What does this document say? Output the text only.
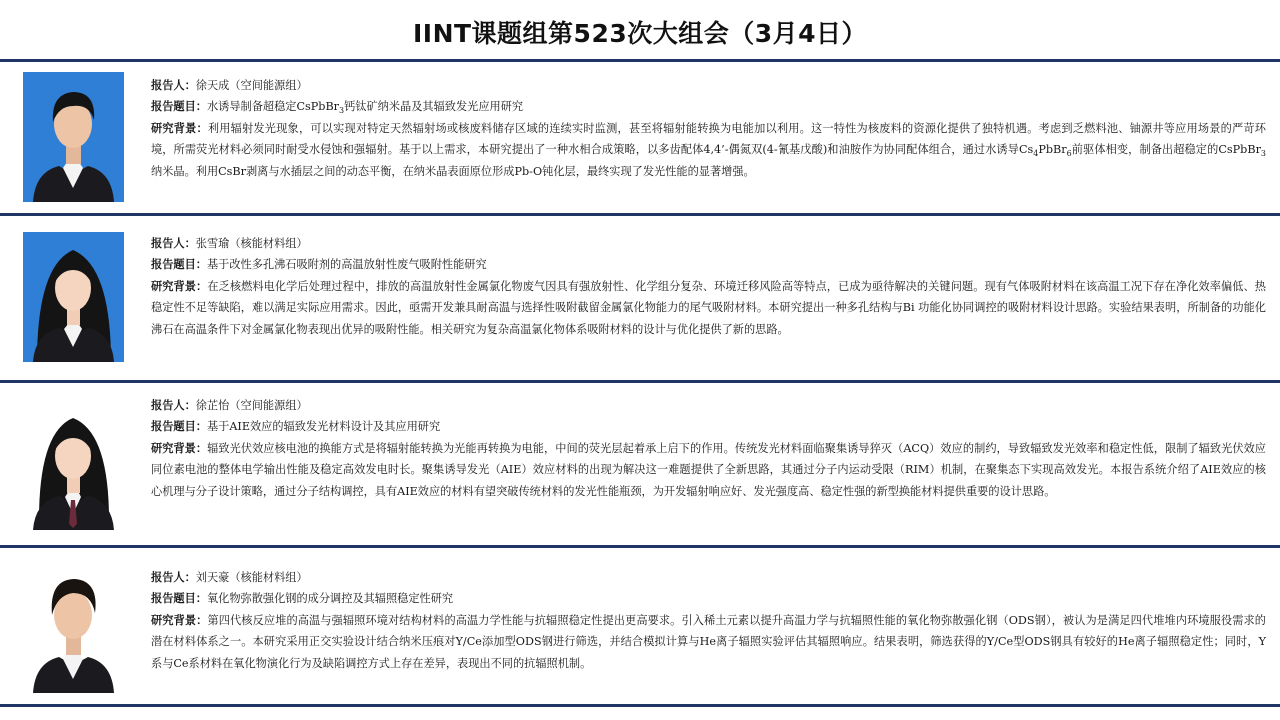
IINT课题组第523次大组会（3月4日）
报告人：徐天成（空间能源组）
报告题目：水诱导制备超稳定CsPbBr$_3$钙钛矿纳米晶及其辐致发光应用研究
研究背景：利用辐射发光现象，可以实现对特定天然辐射场或核废料储存区域的连续实时监测，甚至将辐射能转换为电能加以利用。这一特性为核废料的资源化提供了独特机遇。考虑到乏燃料池、铀源井等应用场景的严苛环境，所需荧光材料必须同时耐受水侵蚀和强辐射。基于以上需求，本研究提出了一种水相合成策略，以多齿配体4,4’-偶氮双(4-氰基戊酸)和油胺作为协同配体组合，通过水诱导$Cs_4PbBr_6$前驱体相变，制备出超稳定的CsPbBr$_3$纳米晶。利用CsBr剥离与水插层之间的动态平衡，在纳米晶表面原位形成Pb-O钝化层，最终实现了发光性能的显著增强。
报告人：张雪瑜（核能材料组）
报告题目：基于改性多孔沸石吸附剂的高温放射性废气吸附性能研究
研究背景：在乏核燃料电化学后处理过程中，排放的高温放射性金属氯化物废气因具有强放射性、化学组分复杂、环境迁移风险高等特点，已成为亟待解决的关键问题。现有气体吸附材料在该高温工况下存在净化效率偏低、热稳定性不足等缺陷，难以满足实际应用需求。因此，亟需开发兼具耐高温与选择性吸附截留金属氯化物能力的尾气吸附材料。本研究提出一种多孔结构与Bi 功能化协同调控的吸附材料设计思路。实验结果表明，所制备的功能化沸石在高温条件下对金属氯化物表现出优异的吸附性能。相关研究为复杂高温氯化物体系吸附材料的设计与优化提供了新的思路。
报告人：徐芷怡（空间能源组）
报告题目：基于AIE效应的辐致发光材料设计及其应用研究
研究背景：辐致光伏效应核电池的换能方式是将辐射能转换为光能再转换为电能，中间的荧光层起着承上启下的作用。传统发光材料面临聚集诱导猝灭（ACQ）效应的制约，导致辐致发光效率和稳定性低，限制了辐致光伏效应同位素电池的整体电学输出性能及稳定高效发电时长。聚集诱导发光（AIE）效应材料的出现为解决这一难题提供了全新思路，其通过分子内运动受限（RIM）机制，在聚集态下实现高效发光。本报告系统介绍了AIE效应的核心机理与分子设计策略，通过分子结构调控，具有AIE效应的材料有望突破传统材料的发光性能瓶颈，为开发辐射响应好、发光强度高、稳定性强的新型换能材料提供重要的设计思路。
报告人：刘天豪（核能材料组）
报告题目：氧化物弥散强化钢的成分调控及其辐照稳定性研究
研究背景：第四代核反应堆的高温与强辐照环境对结构材料的高温力学性能与抗辐照稳定性提出更高要求。引入稀土元素以提升高温力学与抗辐照性能的氧化物弥散强化钢（ODS钢），被认为是满足四代堆堆内环境服役需求的潜在材料体系之一。本研究采用正交实验设计结合纳米压痕对Y/Ce添加型ODS钢进行筛选，并结合模拟计算与He离子辐照实验评估其辐照响应。结果表明，筛选获得的Y/Ce型ODS钢具有较好的He离子辐照稳定性；同时，Y系与Ce系材料在氧化物演化行为及缺陷调控方式上存在差异，表现出不同的抗辐照机制。
